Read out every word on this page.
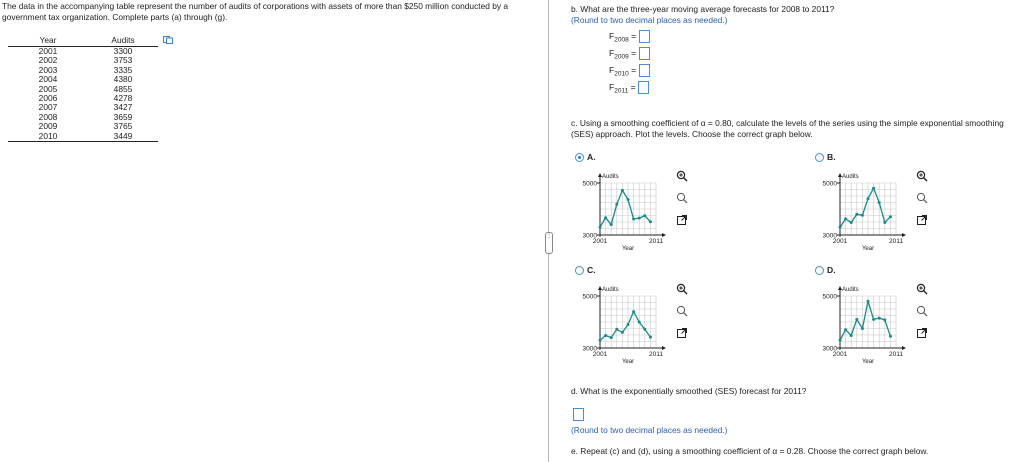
The data in the accompanying table represent the number of audits of corporations with assets of more than $250 million conducted by a government tax organization. Complete parts (a) through (g).
Year	Audits
2001	3300
2002	3753
2003	3335
2004	4380
2005	4855
2006	4278
2007	3427
2008	3659
2009	3765
2010	3449
⋮
b. What are the three-year moving average forecasts for 2008 to 2011?
(Round to two decimal places as needed.)
$F_{2008}$ =
$F_{2009}$ =
$F_{2010}$ =
$F_{2011}$ =
c. Using a smoothing coefficient of α = 0.80, calculate the levels of the series using the simple exponential smoothing (SES) approach. Plot the levels. Choose the correct graph below.
A.	B.
C.	D.
5000
3000
2001	2011
Audits
Year
5000
3000
2001	2011
Audits
Year
5000
3000
2001	2011
Audits
Year
5000
3000
2001	2011
Audits
Year
d. What is the exponentially smoothed (SES) forecast for 2011?
(Round to two decimal places as needed.)
e. Repeat (c) and (d), using a smoothing coefficient of α = 0.28. Choose the correct graph below.
